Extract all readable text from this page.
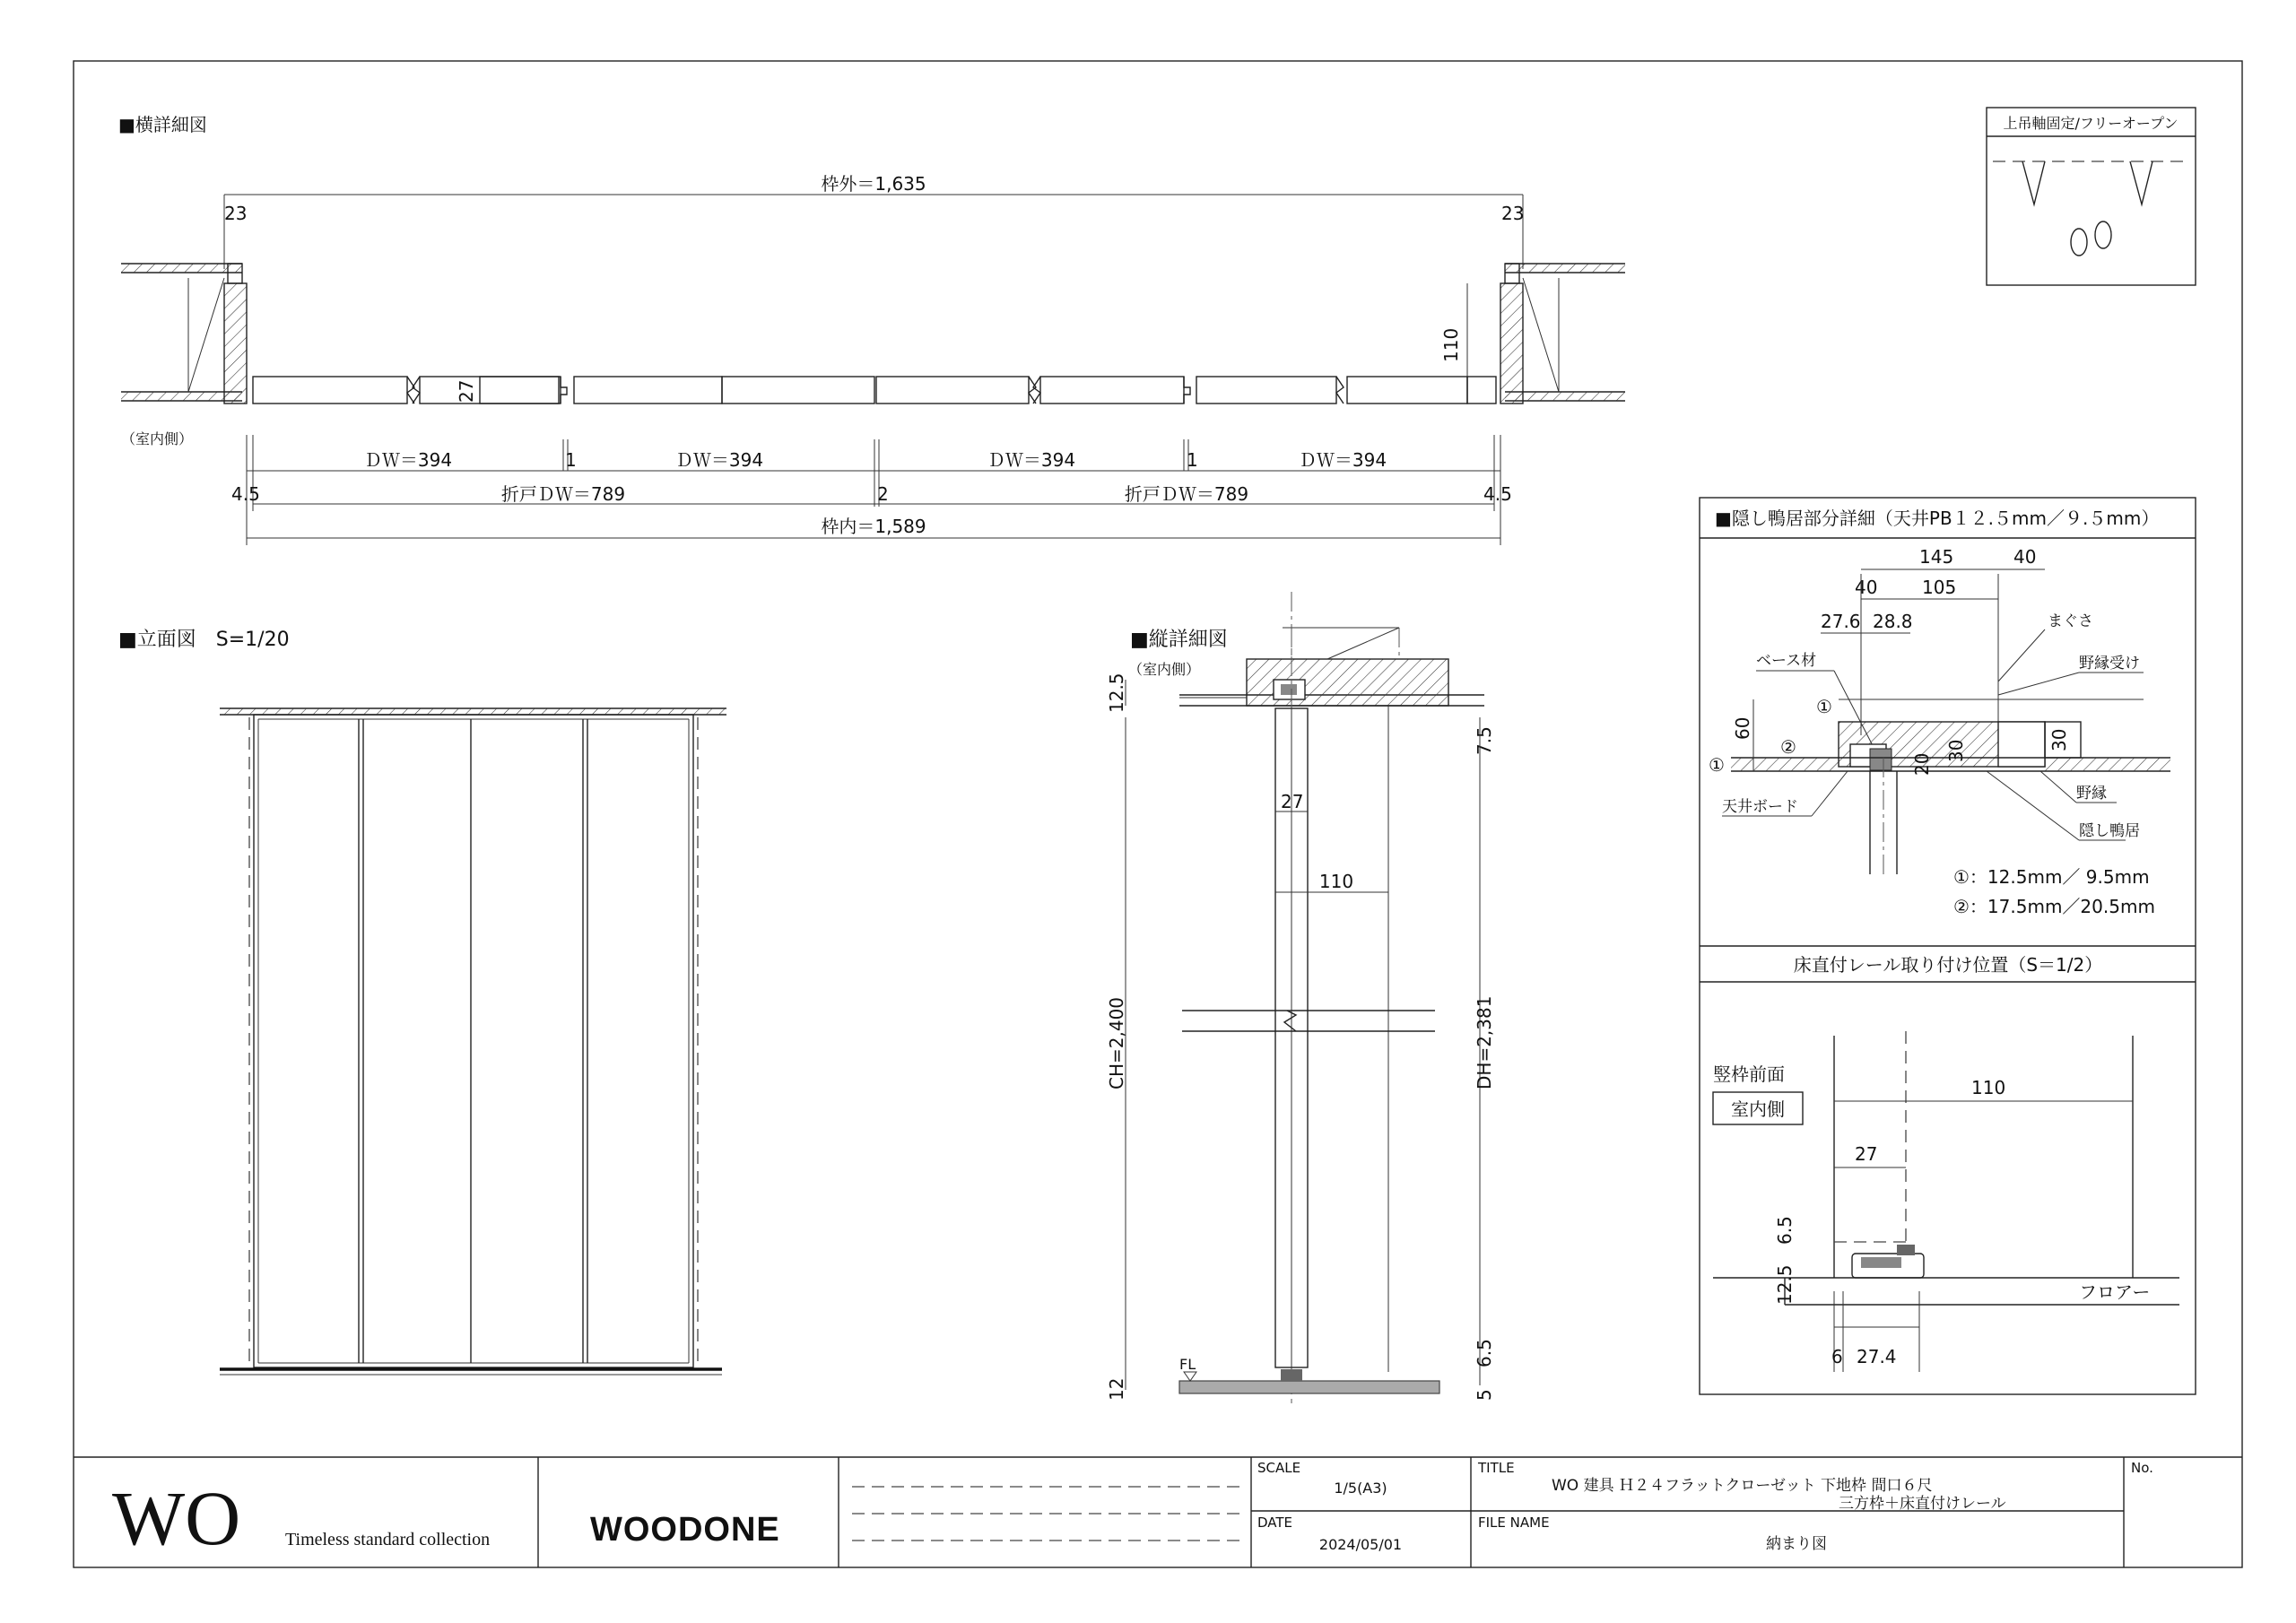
■横詳細図
枠外＝1,635
23	23
27
110
（室内側）
ＤＷ＝394	1	ＤＷ＝394	ＤＷ＝394	1	ＤＷ＝394
4.5	折戸ＤＷ＝789	2	折戸ＤＷ＝789	4.5
枠内＝1,589
■立面図　S=1/20	■縦詳細図
（室内側）
12.5
7.5
27
110
CH=2,400	DH=2,381
FL
12
6.5
5
上吊軸固定/フリーオープン
■隠し鴨居部分詳細（天井PB１２.５mm／９.５mm）
145	40
40 105
27.6 28.8	まぐさ
ベース材	野縁受け
60
①
①
②
20
30	30
天井ボード
野縁
隠し鴨居
①：12.5mm／ 9.5mm
②：17.5mm／20.5mm
床直付レール取り付け位置（S＝1/2）
竪枠前面
室内側
110
27
フロアー
6.5
12.5
6 27.4
WO Timeless standard collection	WOODONE
SCALE
1/5(A3)
DATE
2024/05/01
TITLE
WO 建具 Ｈ２４フラットクローゼット 下地枠 間口６尺
三方枠＋床直付けレール
FILE NAME
納まり図
No.
